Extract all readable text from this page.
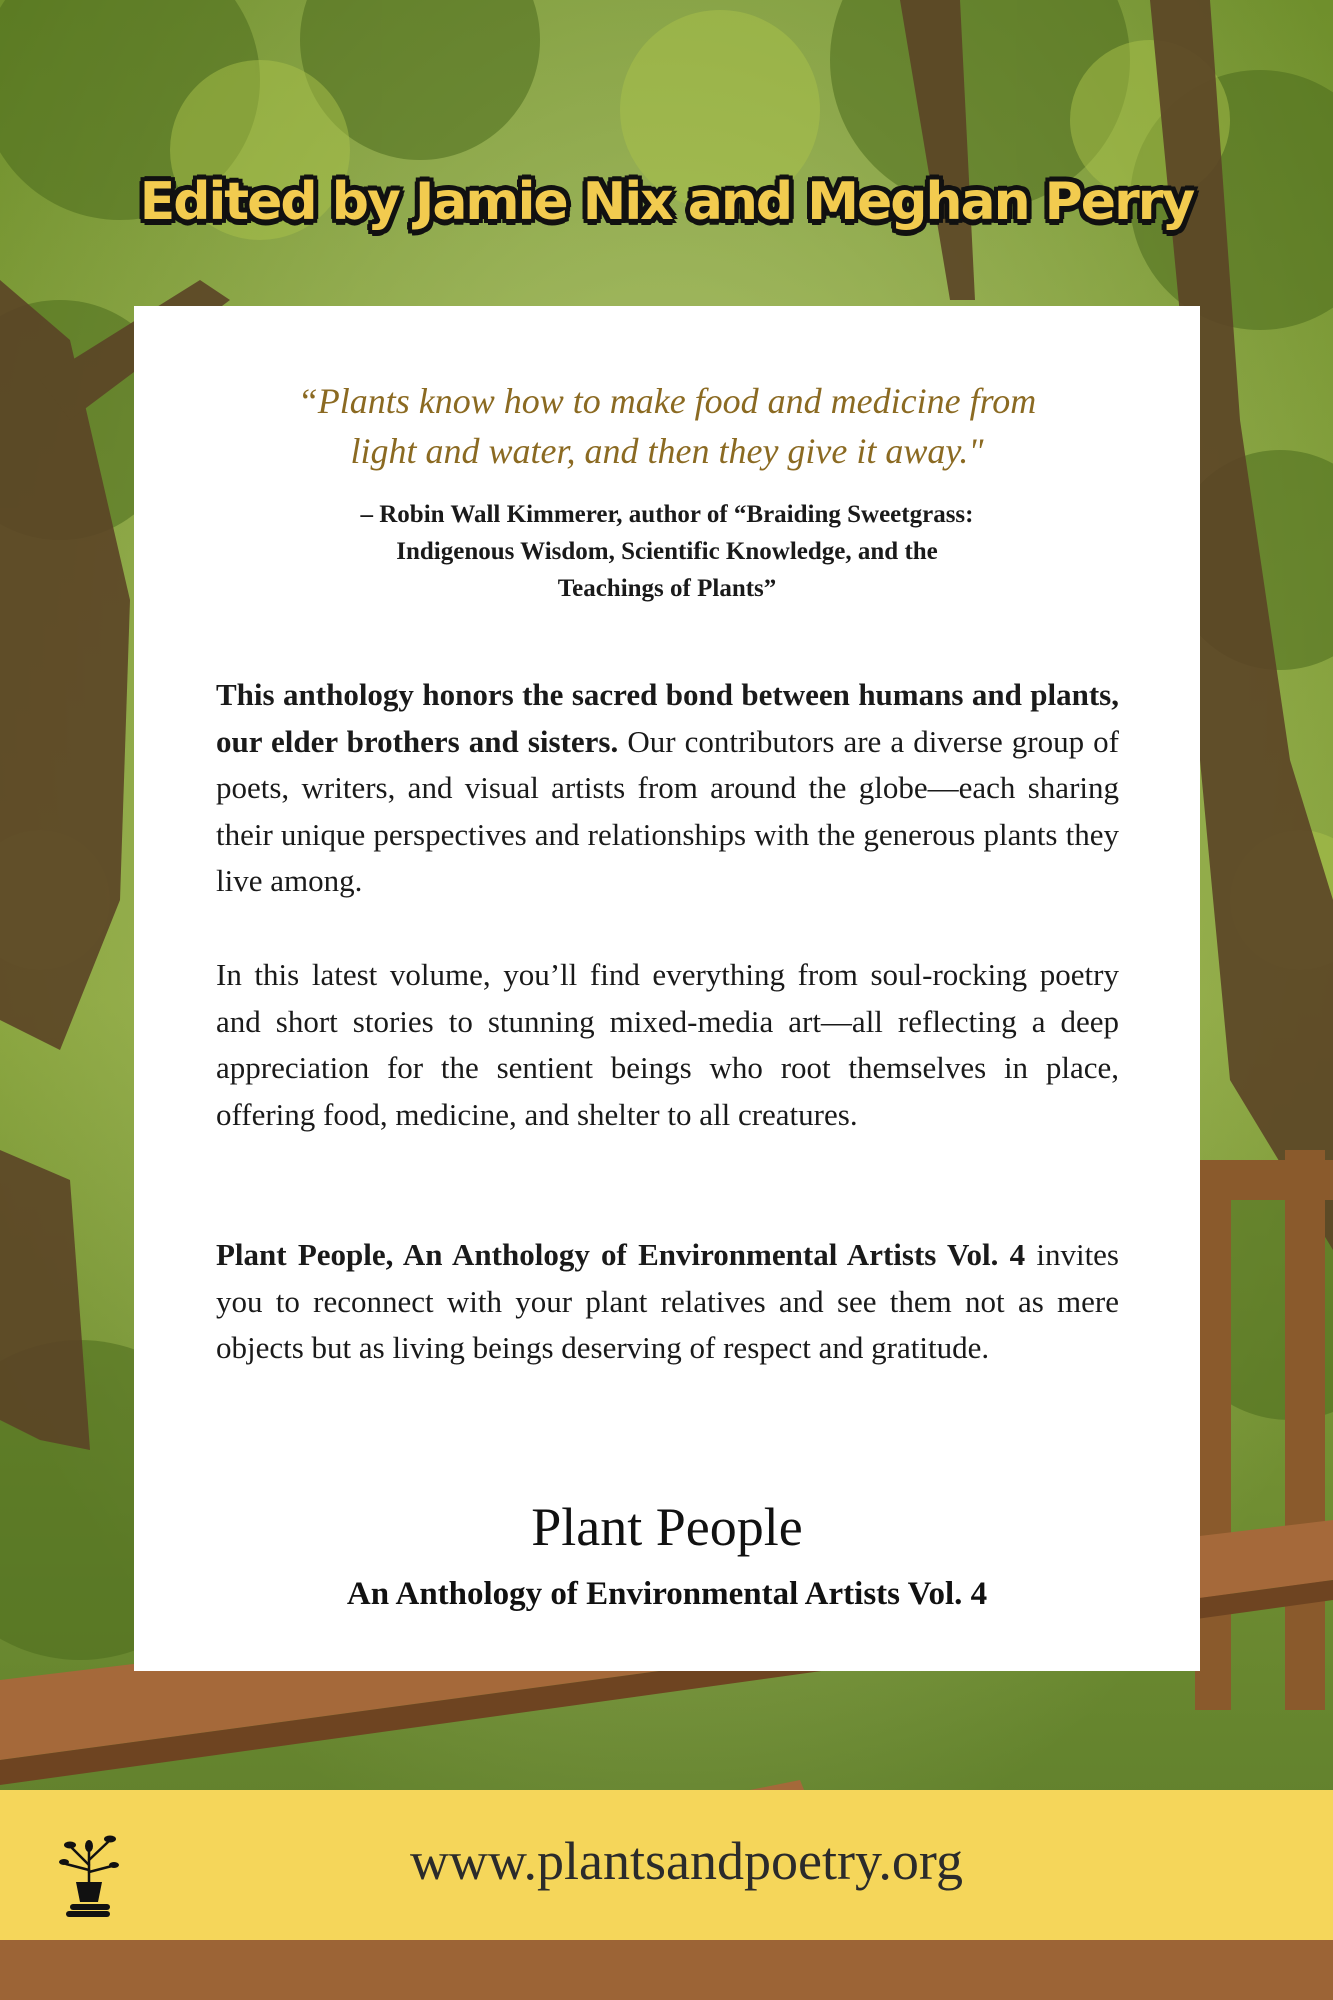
Edited by Jamie Nix and Meghan Perry
“Plants know how to make food and medicine from
light and water, and then they give it away."
– Robin Wall Kimmerer, author of “Braiding Sweetgrass:
Indigenous Wisdom, Scientific Knowledge, and the
Teachings of Plants”
This anthology honors the sacred bond between humans and plants, our elder brothers and sisters. Our contributors are a diverse group of poets, writers, and visual artists from around the globe—each sharing their unique perspectives and relationships with the generous plants they live among.
In this latest volume, you’ll find everything from soul-rocking poetry and short stories to stunning mixed-media art—all reflecting a deep appreciation for the sentient beings who root themselves in place, offering food, medicine, and shelter to all creatures.
Plant People, An Anthology of Environmental Artists Vol. 4 invites you to reconnect with your plant relatives and see them not as mere objects but as living beings deserving of respect and gratitude.
Plant People
An Anthology of Environmental Artists Vol. 4
www.plantsandpoetry.org
